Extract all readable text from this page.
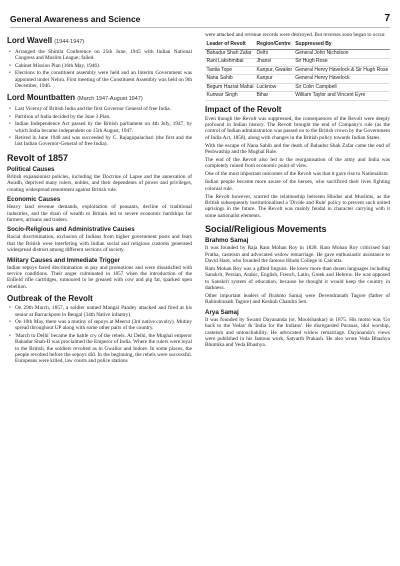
General Awareness and Science	7
Lord Wavell (1944-1947)
• Arranged the Shimla Conference on 25th June, 1945 with Indian National Congress and Muslim League; failed.
• Cabinet Mission Plan (16th May, 1946).
• Elections to the constituent assembly were held and an Interim Government was appointed under Nehru. First meeting of the Constituent Assembly was held on 9th December, 1946.
Lord Mountbatten (March 1947-August 1947)
• Last Viceroy of British India and the first Governor General of free India.
• Partition of India decided by the June 3 Plan.
• Indian Independence Act passed by the British parliament on 4th July, 1947, by which India became independent on 15th August, 1947.
• Retired in June 1948 and was succeeded by C. Rajagopalachari (the first and the last Indian Governor-General of free India).
Revolt of 1857
Political Causes

British expansionist policies, including the Doctrine of Lapse and the annexation of Awadh, deprived many rulers, nobles, and their dependents of power and privileges, creating widespread resentment against British rule.

Economic Causes

Heavy land revenue demands, exploitation of peasants, decline of traditional industries, and the drain of wealth to Britain led to severe economic hardships for farmers, artisans and traders.

Socio-Religious and Administrative Causes

Racial discrimination, exclusion of Indians from higher government posts and fears that the British were interfering with Indian social and religious customs generated widespread distrust among different sections of society.

Military Causes and Immediate Trigger

Indian sepoys faced discrimination in pay and promotions and were dissatisfied with service conditions. Their anger culminated in 1857 when the introduction of the Enfield rifle cartridges, rumoured to be greased with cow and pig fat, sparked open rebellion.

Outbreak of the Revolt
• On 29th March, 1857, a soldier named Mangal Pandey attacked and fired at his senior at Barrackpore in Bengal (34th Native infantry).
• On 10th May, there was a mutiny of sepoys at Meerut (3rd native cavalry). Mutiny spread throughout UP along with some other parts of the country.
• 'March to Delhi' became the battle cry of the rebels. At Delhi, the Mughal emperor Bahadur Shah-II was proclaimed the Emperor of India. Where the rulers were loyal to the British, the soldiers revolted as in Gwalior and Indore. In some places, the people revolted before the sepoys did. In the beginning, the rebels were successful. Europeans were killed, law courts and police stations

were attacked and revenue records were destroyed. But reverses soon began to occur.

Leader of Revolt	Region/Centre	Suppressed By
Bahadur Shah Zafar	Delhi	General John Nicholson
Rani Lakshmibai	Jhansi	Sir Hugh Rose
Tantia Tope	Kanpur, Gwalior	General Henry Havelock & Sir Hugh Rose
Nana Sahib	Kanpur	General Henry Havelock
Begum Hazrat Mahal	Lucknow	Sir Colin Campbell
Kunwar Singh	Bihar	William Taylor and Vincent Eyre
Impact of the Revolt

Even though the Revolt was suppressed, the consequences of the Revolt were deeply profound in Indian history. The Revolt brought the end of Company's rule (as the control of Indian administration was passed on to the British crown by the Government of India Act, 1858), along with changes in the British policy towards Indian States.

With the escape of Nana Sahib and the death of Bahadur Shah Zafar came the end of Peshwaship and the Mughal Rule.

The end of the Revolt also led to the reorganisation of the army and India was completely ruined from economic point of view.

One of the most important outcomes of the Revolt was that it gave rise to Nationalism.

Indian people became more aware of the heroes, who sacrificed their lives fighting colonial rule.

The Revolt however, scarred the relationship between Hindus and Muslims, as the British subsequently institutionalised a 'Divide and Rule' policy to prevent such united uprisings in the future. The Revolt was mainly feudal in character carrying with it some nationalist elements.

Social/Religious Movements
Brahmo Samaj

It was founded by Raja Ram Mohan Roy in 1828. Ram Mohan Roy criticised Sati Pratha, casteism and advocated widow remarriage. He gave enthusiastic assistance to David Hare, who founded the famous Hindu College in Calcutta.

Ram Mohan Roy was a gifted linguist. He knew more than dozen languages including Sanskrit, Persian, Arabic, English, French, Latin, Greek and Hebrew. He was opposed to Sanskrit system of education, because he thought it would keep the country in darkness.

Other important leaders of Brahmo Samaj were Devendranath Tagore (father of Rabindranath Tagore) and Keshub Chandra Sen.

Arya Samaj

It was founded by Swami Dayananda (or, Moolshankar) in 1875. His motto was 'Go back to the Vedas' & 'India for the Indians'. He disregarded Puranas, idol worship, casteism and untouchability. He advocated widow remarriage. Dayananda's views were published in his famous work, Satyarth Prakash. He also wrote Veda Bhashya Bhumika and Veda Bhashya.
